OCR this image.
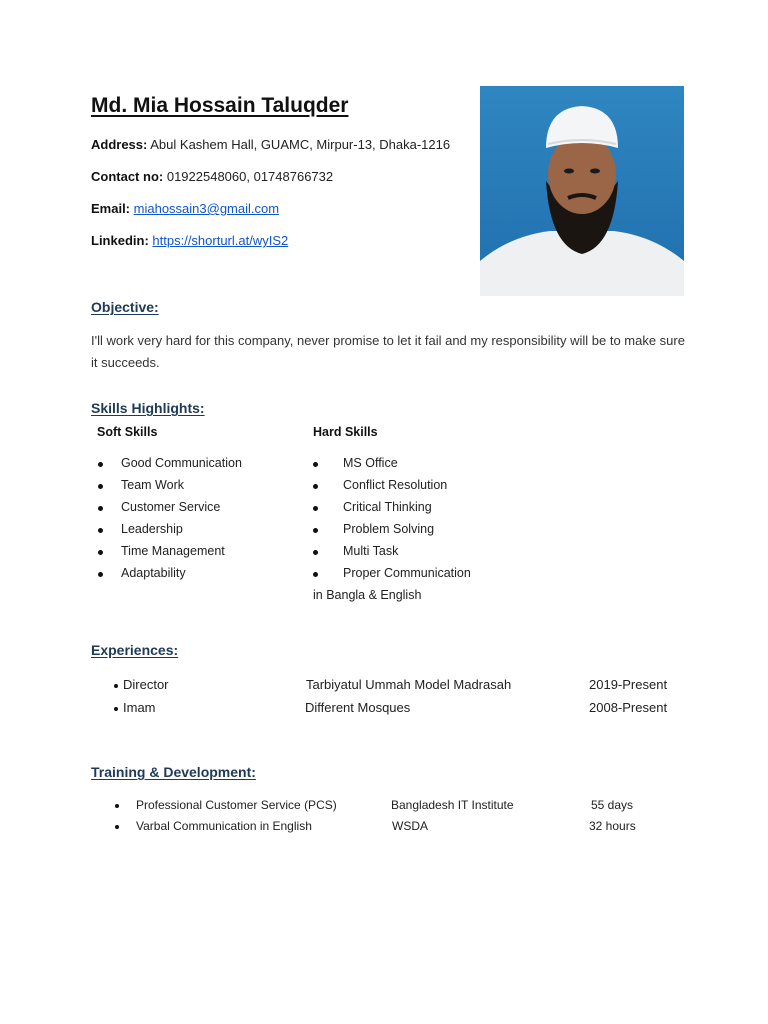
Md. Mia Hossain Taluqder
Address: Abul Kashem Hall, GUAMC, Mirpur-13, Dhaka-1216
Contact no: 01922548060, 01748766732
Email: miahossain3@gmail.com
Linkedin: https://shorturl.at/wyIS2
Objective:
I'll work very hard for this company, never promise to let it fail and my responsibility will be to make sure it succeeds.
Skills Highlights:
Soft Skills	Hard Skills
Good Communication
Team Work
Customer Service
Leadership
Time Management
Adaptability
MS Office
Conflict Resolution
Critical Thinking
Problem Solving
Multi Task
Proper Communication
in Bangla & English
Experiences:
Director	Tarbiyatul Ummah Model Madrasah	2019-Present
Imam	Different Mosques	2008-Present
Training & Development:
Professional Customer Service (PCS)	Bangladesh IT Institute	55 days
Varbal Communication in English	WSDA	32 hours
